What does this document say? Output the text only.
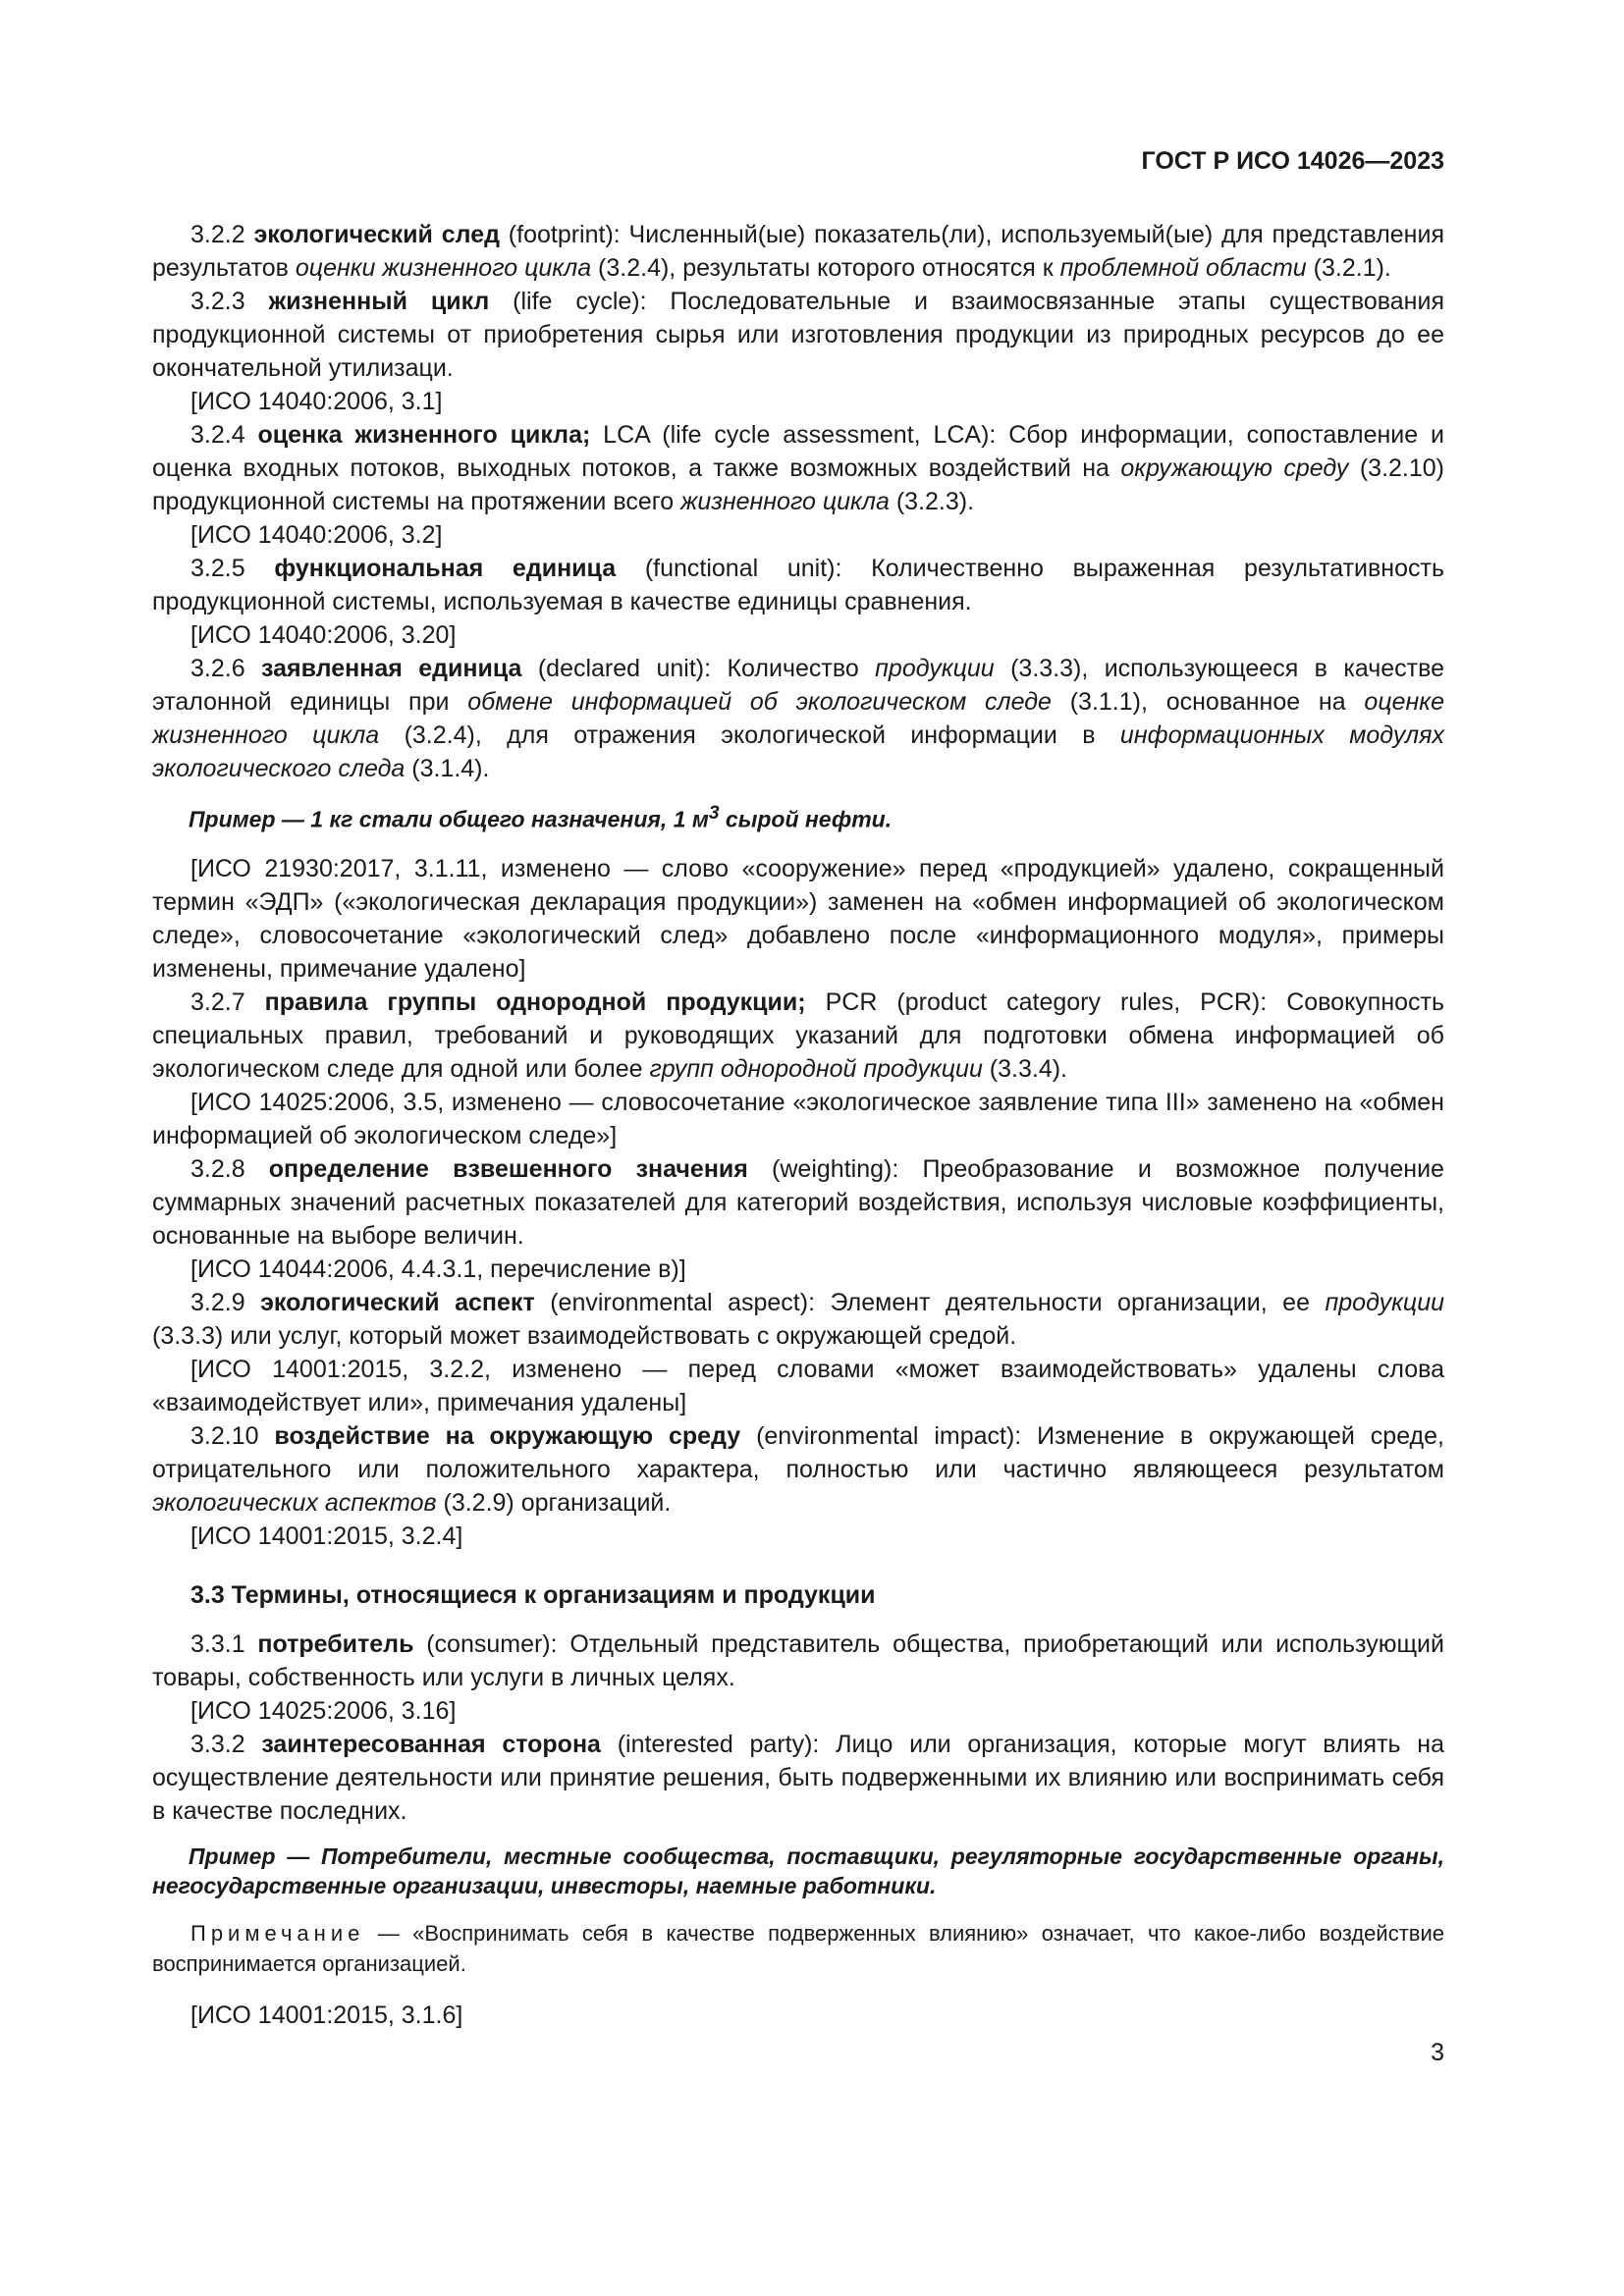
ГОСТ Р ИСО 14026—2023

3.2.2 экологический след (footprint): Численный(ые) показатель(ли), используемый(ые) для представления результатов оценки жизненного цикла (3.2.4), результаты которого относятся к проблемной области (3.2.1).

3.2.3 жизненный цикл (life cycle): Последовательные и взаимосвязанные этапы существования продукционной системы от приобретения сырья или изготовления продукции из природных ресурсов до ее окончательной утилизаци.

[ИСО 14040:2006, 3.1]

3.2.4 оценка жизненного цикла; LCA (life cycle assessment, LCA): Сбор информации, сопоставление и оценка входных потоков, выходных потоков, а также возможных воздействий на окружающую среду (3.2.10) продукционной системы на протяжении всего жизненного цикла (3.2.3).

[ИСО 14040:2006, 3.2]

3.2.5 функциональная единица (functional unit): Количественно выраженная результативность продукционной системы, используемая в качестве единицы сравнения.

[ИСО 14040:2006, 3.20]

3.2.6 заявленная единица (declared unit): Количество продукции (3.3.3), использующееся в качестве эталонной единицы при обмене информацией об экологическом следе (3.1.1), основанное на оценке жизненного цикла (3.2.4), для отражения экологической информации в информационных модулях экологического следа (3.1.4).

Пример — 1 кг стали общего назначения, 1 $м^3$ сырой нефти.

[ИСО 21930:2017, 3.1.11, изменено — слово «сооружение» перед «продукцией» удалено, сокращенный термин «ЭДП» («экологическая декларация продукции») заменен на «обмен информацией об экологическом следе», словосочетание «экологический след» добавлено после «информационного модуля», примеры изменены, примечание удалено]

3.2.7 правила группы однородной продукции; PCR (product category rules, PCR): Совокупность специальных правил, требований и руководящих указаний для подготовки обмена информацией об экологическом следе для одной или более групп однородной продукции (3.3.4).

[ИСО 14025:2006, 3.5, изменено — словосочетание «экологическое заявление типа III» заменено на «обмен информацией об экологическом следе»]

3.2.8 определение взвешенного значения (weighting): Преобразование и возможное получение суммарных значений расчетных показателей для категорий воздействия, используя числовые коэффициенты, основанные на выборе величин.

[ИСО 14044:2006, 4.4.3.1, перечисление в)]

3.2.9 экологический аспект (environmental aspect): Элемент деятельности организации, ее продукции (3.3.3) или услуг, который может взаимодействовать с окружающей средой.

[ИСО 14001:2015, 3.2.2, изменено — перед словами «может взаимодействовать» удалены слова «взаимодействует или», примечания удалены]

3.2.10 воздействие на окружающую среду (environmental impact): Изменение в окружающей среде, отрицательного или положительного характера, полностью или частично являющееся результатом экологических аспектов (3.2.9) организаций.

[ИСО 14001:2015, 3.2.4]

3.3 Термины, относящиеся к организациям и продукции

3.3.1 потребитель (consumer): Отдельный представитель общества, приобретающий или использующий товары, собственность или услуги в личных целях.

[ИСО 14025:2006, 3.16]

3.3.2 заинтересованная сторона (interested party): Лицо или организация, которые могут влиять на осуществление деятельности или принятие решения, быть подверженными их влиянию или воспринимать себя в качестве последних.

Пример — Потребители, местные сообщества, поставщики, регуляторные государственные органы, негосударственные организации, инвесторы, наемные работники.

Примечание — «Воспринимать себя в качестве подверженных влиянию» означает, что какое-либо воздействие воспринимается организацией.

[ИСО 14001:2015, 3.1.6]

3
